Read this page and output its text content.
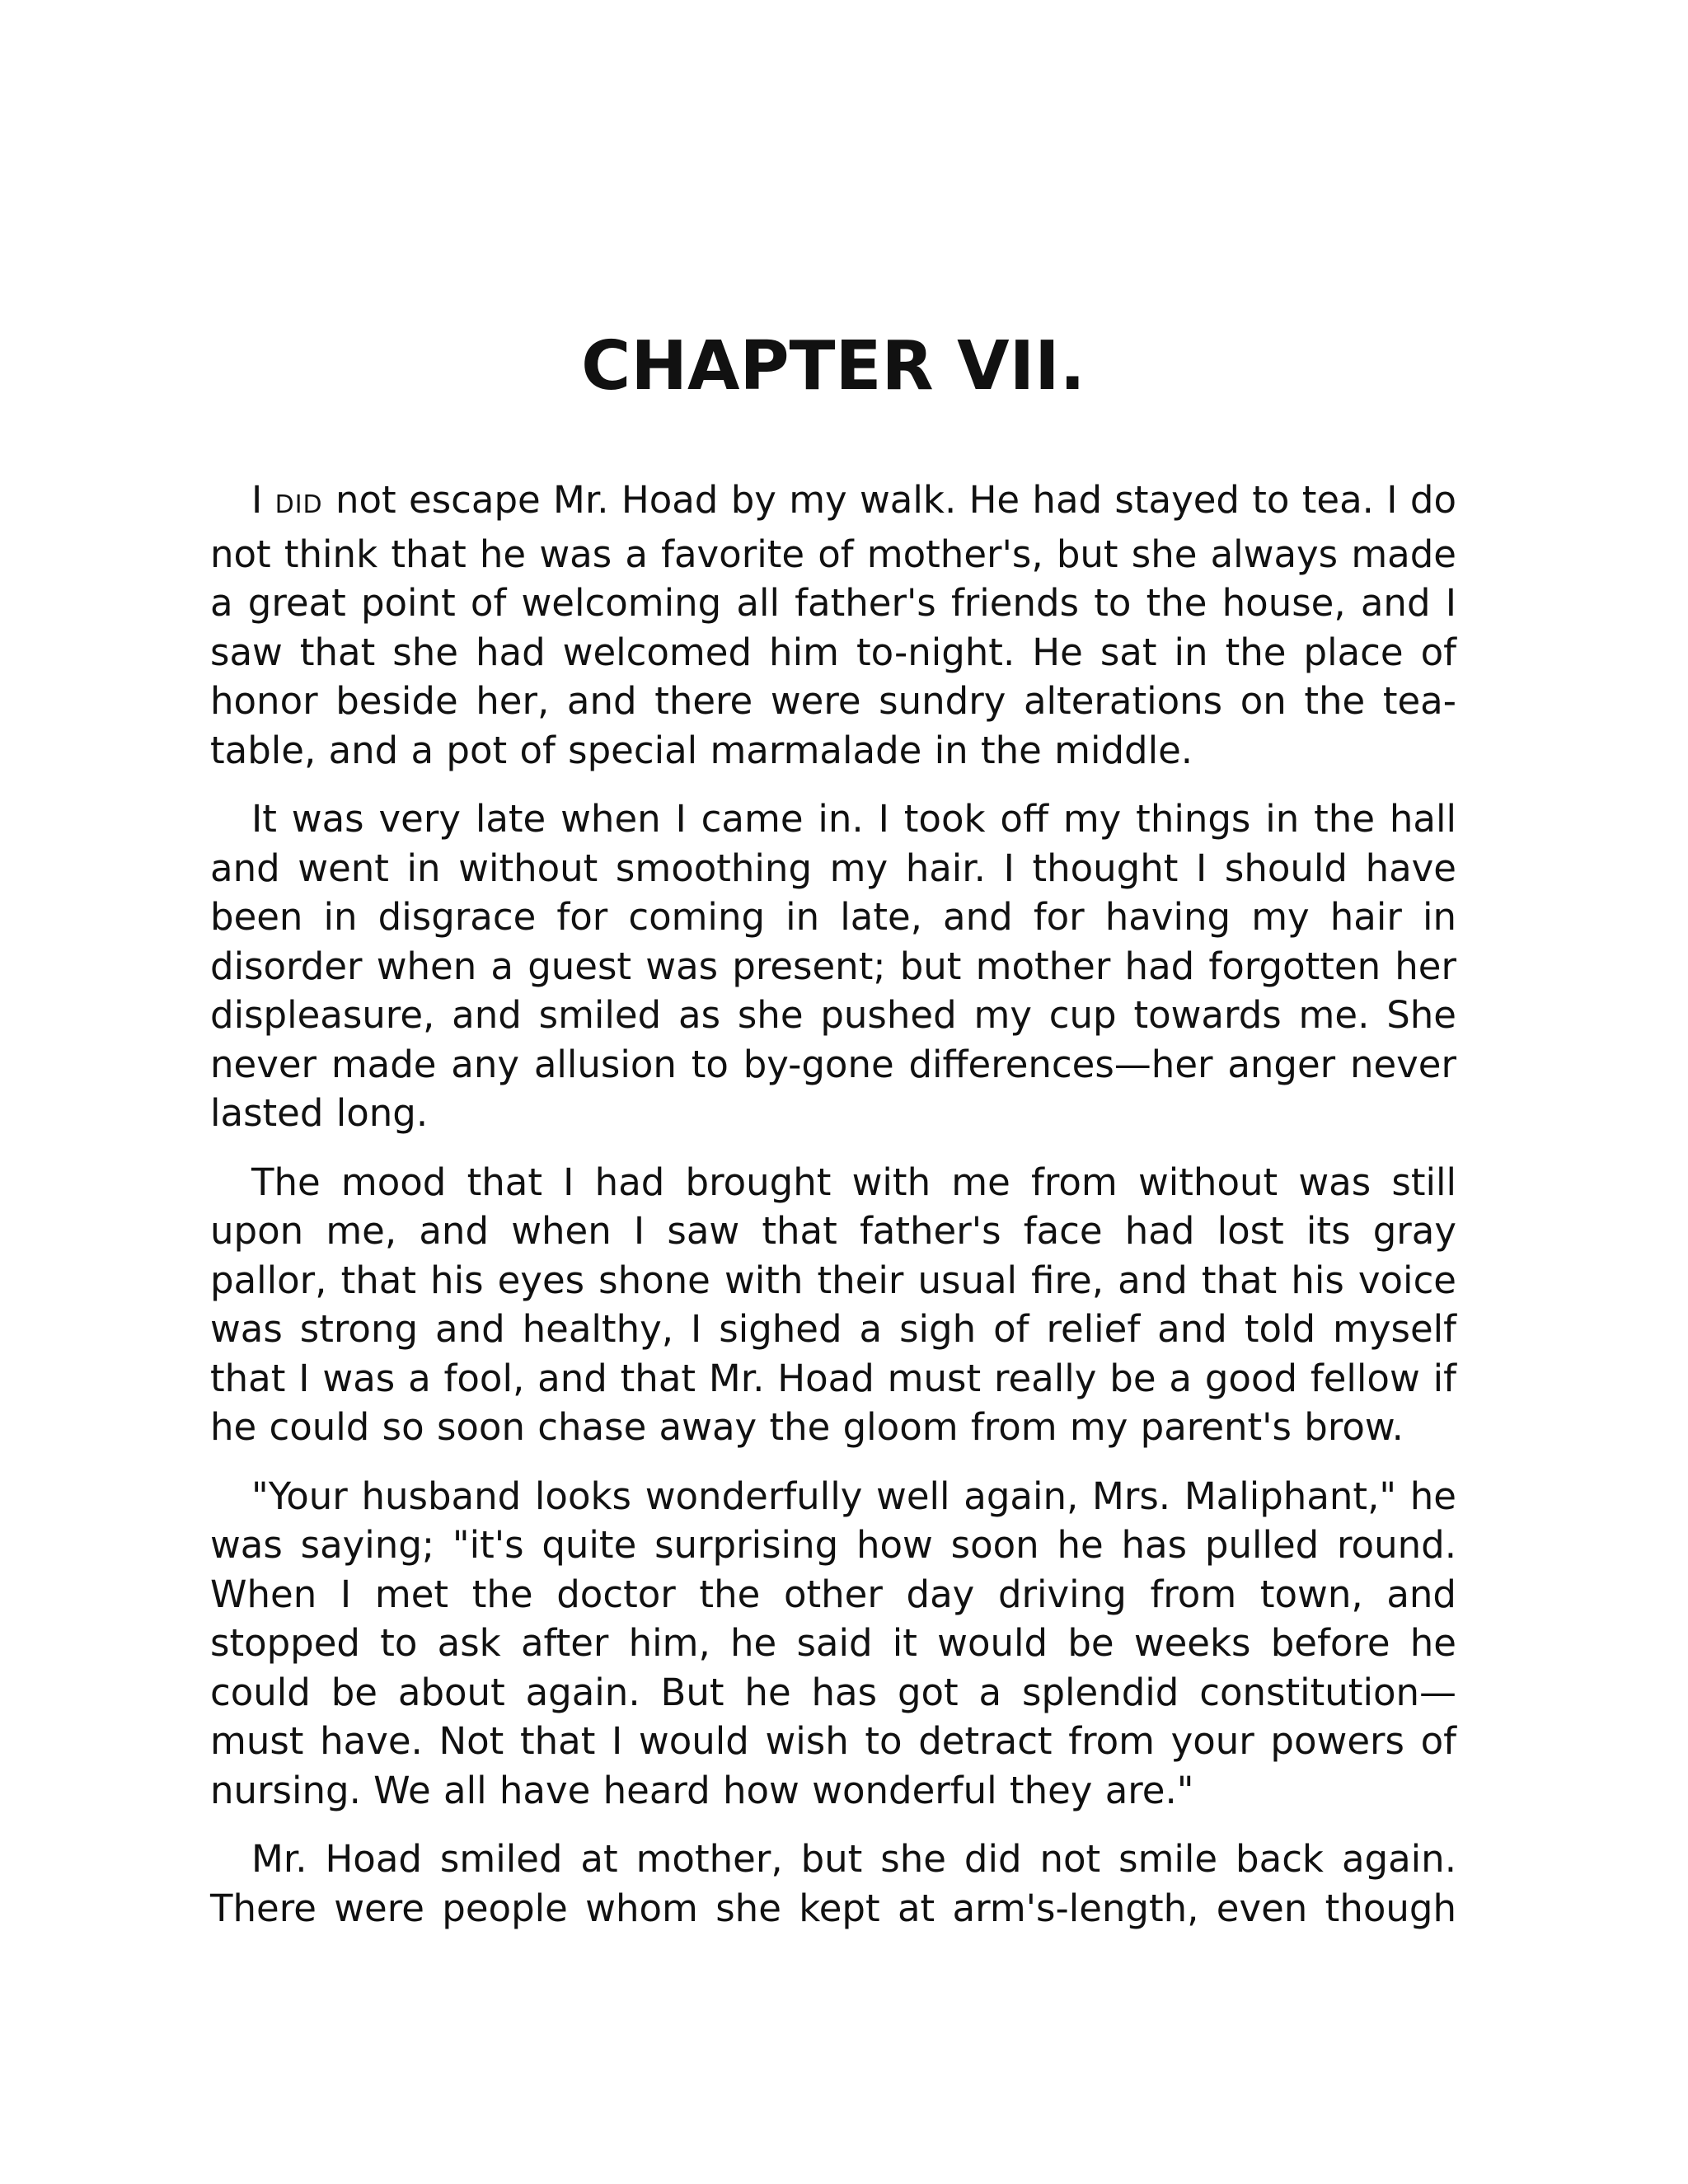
CHAPTER VII.

I DID not escape Mr. Hoad by my walk. He had stayed to tea. I do not think that he was a favorite of mother's, but she always made a great point of welcoming all father's friends to the house, and I saw that she had welcomed him to-night. He sat in the place of honor beside her, and there were sundry alterations on the tea-table, and a pot of special marmalade in the middle.

It was very late when I came in. I took off my things in the hall and went in without smoothing my hair. I thought I should have been in disgrace for coming in late, and for having my hair in disorder when a guest was present; but mother had forgotten her displeasure, and smiled as she pushed my cup towards me. She never made any allusion to by-gone differences—her anger never lasted long.

The mood that I had brought with me from without was still upon me, and when I saw that father's face had lost its gray pallor, that his eyes shone with their usual fire, and that his voice was strong and healthy, I sighed a sigh of relief and told myself that I was a fool, and that Mr. Hoad must really be a good fellow if he could so soon chase away the gloom from my parent's brow.

"Your husband looks wonderfully well again, Mrs. Maliphant," he was saying; "it's quite surprising how soon he has pulled round. When I met the doctor the other day driving from town, and stopped to ask after him, he said it would be weeks before he could be about again. But he has got a splendid constitution—must have. Not that I would wish to detract from your powers of nursing. We all have heard how wonderful they are."

Mr. Hoad smiled at mother, but she did not smile back again. There were people whom she kept at arm's-length, even though
